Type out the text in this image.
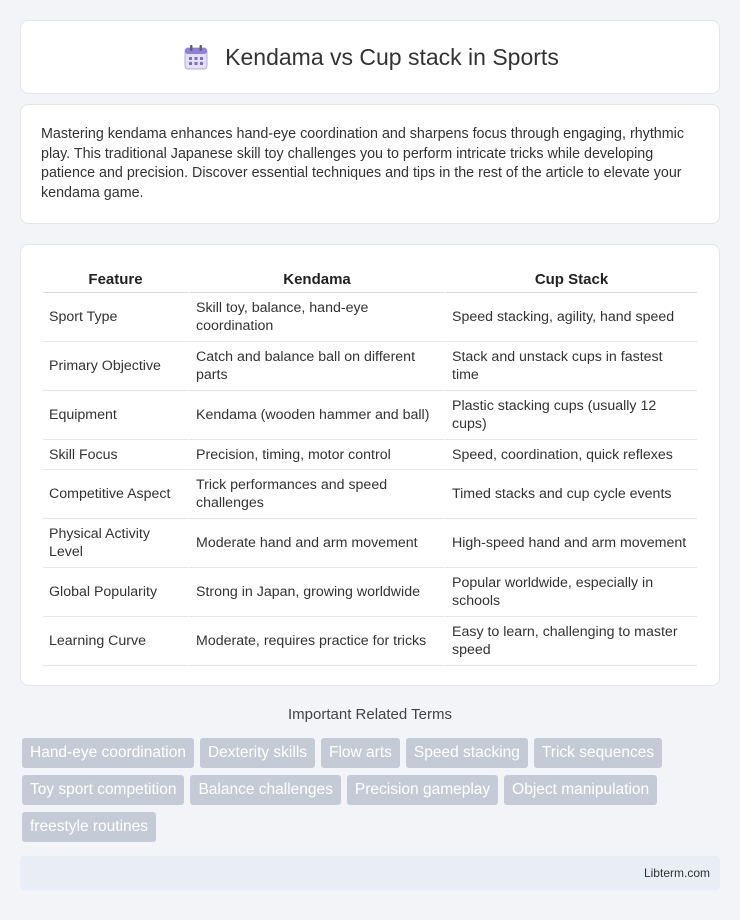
Kendama vs Cup stack in Sports

Mastering kendama enhances hand-eye coordination and sharpens focus through engaging, rhythmic play. This traditional Japanese skill toy challenges you to perform intricate tricks while developing patience and precision. Discover essential techniques and tips in the rest of the article to elevate your kendama game.

Feature	Kendama	Cup Stack
Sport Type	Skill toy, balance, hand-eye coordination	Speed stacking, agility, hand speed
Primary Objective	Catch and balance ball on different parts	Stack and unstack cups in fastest time
Equipment	Kendama (wooden hammer and ball)	Plastic stacking cups (usually 12 cups)
Skill Focus	Precision, timing, motor control	Speed, coordination, quick reflexes
Competitive Aspect	Trick performances and speed challenges	Timed stacks and cup cycle events
Physical Activity Level	Moderate hand and arm movement	High-speed hand and arm movement
Global Popularity	Strong in Japan, growing worldwide	Popular worldwide, especially in schools
Learning Curve	Moderate, requires practice for tricks	Easy to learn, challenging to master speed
Important Related Terms
Hand-eye coordination	Dexterity skills	Flow arts	Speed stacking	Trick sequences
Toy sport competition	Balance challenges	Precision gameplay	Object manipulation
freestyle routines
Libterm.com
